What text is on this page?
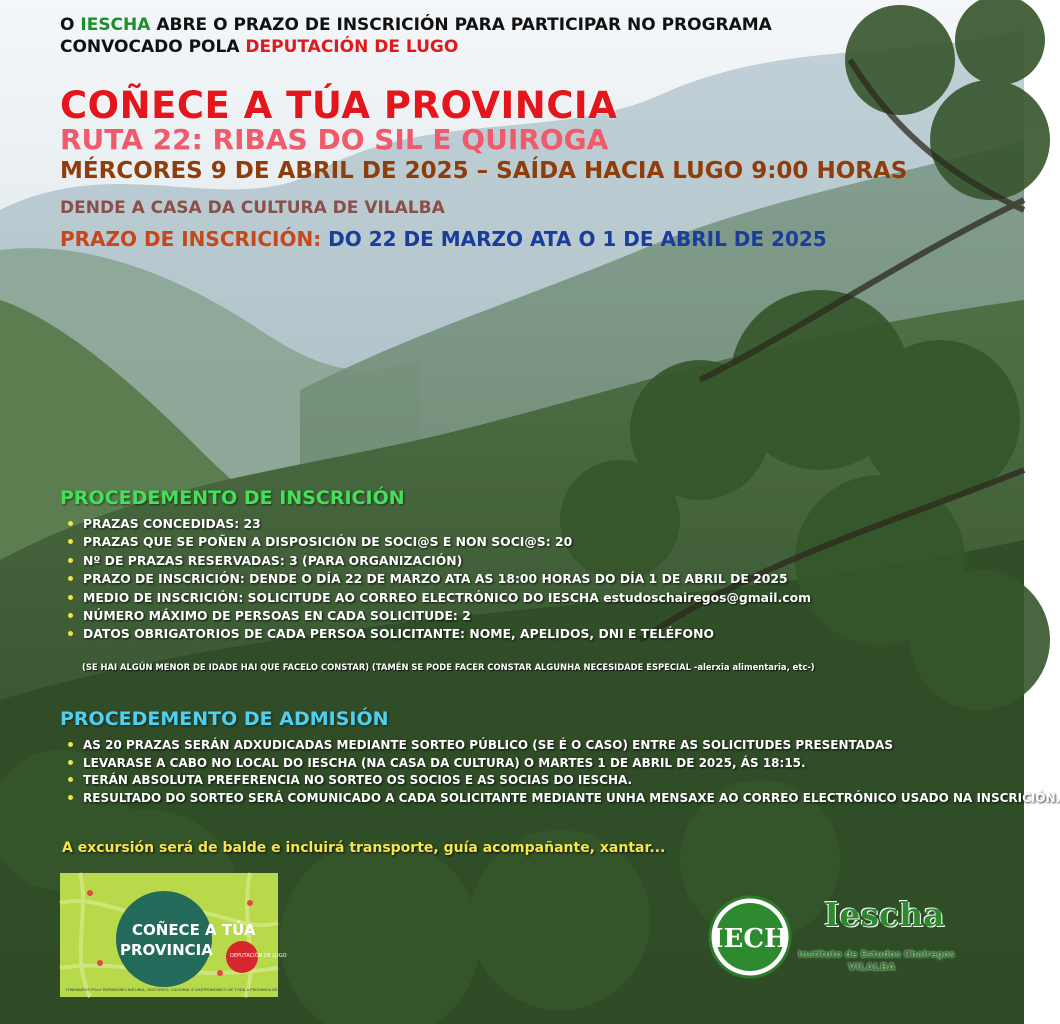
O IESCHA ABRE O PRAZO DE INSCRICIÓN PARA PARTICIPAR NO PROGRAMA
CONVOCADO POLA DEPUTACIÓN DE LUGO
COÑECE A TÚA PROVINCIA
RUTA 22: RIBAS DO SIL E QUIROGA
MÉRCORES 9 DE ABRIL DE 2025 – SAÍDA HACIA LUGO 9:00 HORAS
DENDE A CASA DA CULTURA DE VILALBA
PRAZO DE INSCRICIÓN: DO 22 DE MARZO ATA O 1 DE ABRIL DE 2025
PROCEDEMENTO DE INSCRICIÓN
PRAZAS CONCEDIDAS: 23
PRAZAS QUE SE POÑEN A DISPOSICIÓN DE SOCI@S E NON SOCI@S: 20
Nº DE PRAZAS RESERVADAS: 3 (PARA ORGANIZACIÓN)
PRAZO DE INSCRICIÓN: DENDE O DÍA 22 DE MARZO ATA AS 18:00 HORAS DO DÍA 1 DE ABRIL DE 2025
MEDIO DE INSCRICIÓN: SOLICITUDE AO CORREO ELECTRÓNICO DO IESCHA estudoschairegos@gmail.com
NÚMERO MÁXIMO DE PERSOAS EN CADA SOLICITUDE: 2
DATOS OBRIGATORIOS DE CADA PERSOA SOLICITANTE: NOME, APELIDOS, DNI E TELÉFONO
(SE HAI ALGÚN MENOR DE IDADE HAI QUE FACELO CONSTAR) (TAMÉN SE PODE FACER CONSTAR ALGUNHA NECESIDADE ESPECIAL -alerxia alimentaria, etc-)
PROCEDEMENTO DE ADMISIÓN
AS 20 PRAZAS SERÁN ADXUDICADAS MEDIANTE SORTEO PÚBLICO (SE É O CASO) ENTRE AS SOLICITUDES PRESENTADAS
LEVARASE A CABO NO LOCAL DO IESCHA (NA CASA DA CULTURA) O MARTES 1 DE ABRIL DE 2025, ÁS 18:15.
TERÁN ABSOLUTA PREFERENCIA NO SORTEO OS SOCIOS E AS SOCIAS DO IESCHA.
RESULTADO DO SORTEO SERÁ COMUNICADO A CADA SOLICITANTE MEDIANTE UNHA MENSAXE AO CORREO ELECTRÓNICO USADO NA INSCRICIÓN.
A excursión será de balde e incluirá transporte, guía acompañante, xantar...
COÑECE A TÚA
PROVINCIA	DEPUTACIÓN DE LUGO
ITINERARIOS POLO PATRIMONIO NATURAL, HISTÓRICO, CULTURAL E GASTRONÓMICO DE TODA A PROVINCIA DE LUGO
IECH
Iescha
Instituto de Estudos Chairegos
VILALBA
